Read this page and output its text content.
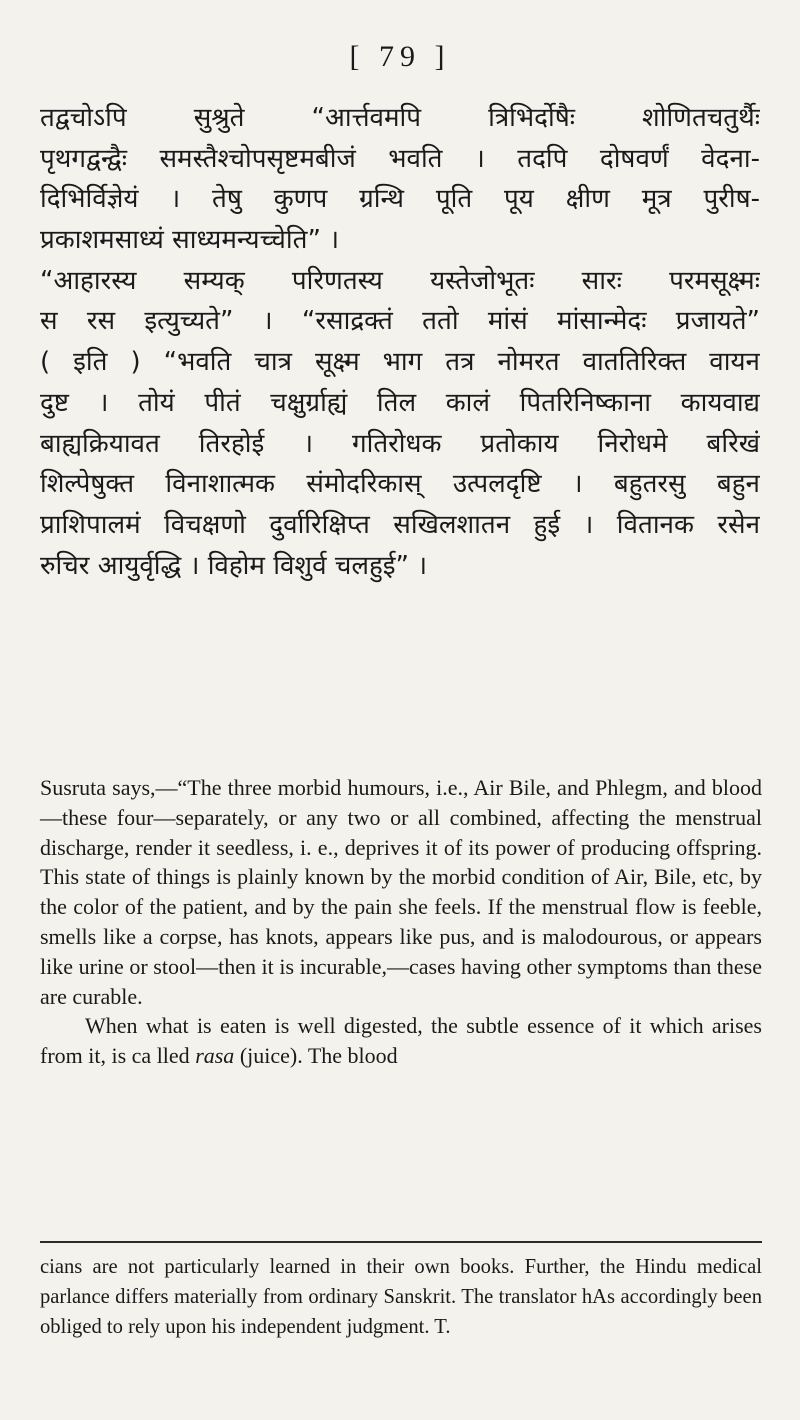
[ 79 ]
तद्वचोऽपि सुश्रुते “आर्त्तवमपि त्रिभिर्दोषैः शोणितचतुर्थैः
पृथगद्वन्द्वैः समस्तैश्चोपसृष्टमबीजं भवति । तदपि दोषवर्णं वेदना-
दिभिर्विज्ञेयं । तेषु कुणप ग्रन्थि पूति पूय क्षीण मूत्र पुरीष-
प्रकाशमसाध्यं साध्यमन्यच्चेति” ।
“आहारस्य सम्यक् परिणतस्य यस्तेजोभूतः सारः परमसूक्ष्मः
स रस इत्युच्यते” । “रसाद्रक्तं ततो मांसं मांसान्मेदः प्रजायते”
( इति ) “भवति चात्र सूक्ष्म भाग तत्र नोमरत वाततिरिक्त वायन
दुष्ट । तोयं पीतं चक्षुर्ग्राह्यं तिल कालं पितरिनिष्काना कायवाद्य
बाह्यक्रियावत तिरहोई । गतिरोधक प्रतोकाय निरोधमे बरिखं
शिल्पेषुक्त विनाशात्मक संमोदरिकास् उत्पलदृष्टि । बहुतरसु बहुन
प्राशिपालमं विचक्षणो दुर्वारिक्षिप्त सखिलशातन हुई । वितानक रसेन
रुचिर आयुर्वृद्धि । विहोम विशुर्व चलहुई” ।

Susruta says,—“The three morbid humours, i.e., Air Bile, and Phlegm, and blood—these four—separately, or any two or all combined, affecting the menstrual discharge, render it seedless, i. e., deprives it of its power of producing offspring. This state of things is plainly known by the morbid condition of Air, Bile, etc, by the color of the patient, and by the pain she feels. If the menstrual flow is feeble, smells like a corpse, has knots, appears like pus, and is malodourous, or appears like urine or stool—then it is incurable,—cases having other symptoms than these are curable.

When what is eaten is well digested, the subtle essence of it which arises from it, is ca lled rasa (juice). The blood

cians are not particularly learned in their own books. Further, the Hindu medical parlance differs materially from ordinary Sanskrit. The translator hAs accordingly been obliged to rely upon his independent judgment. T.
